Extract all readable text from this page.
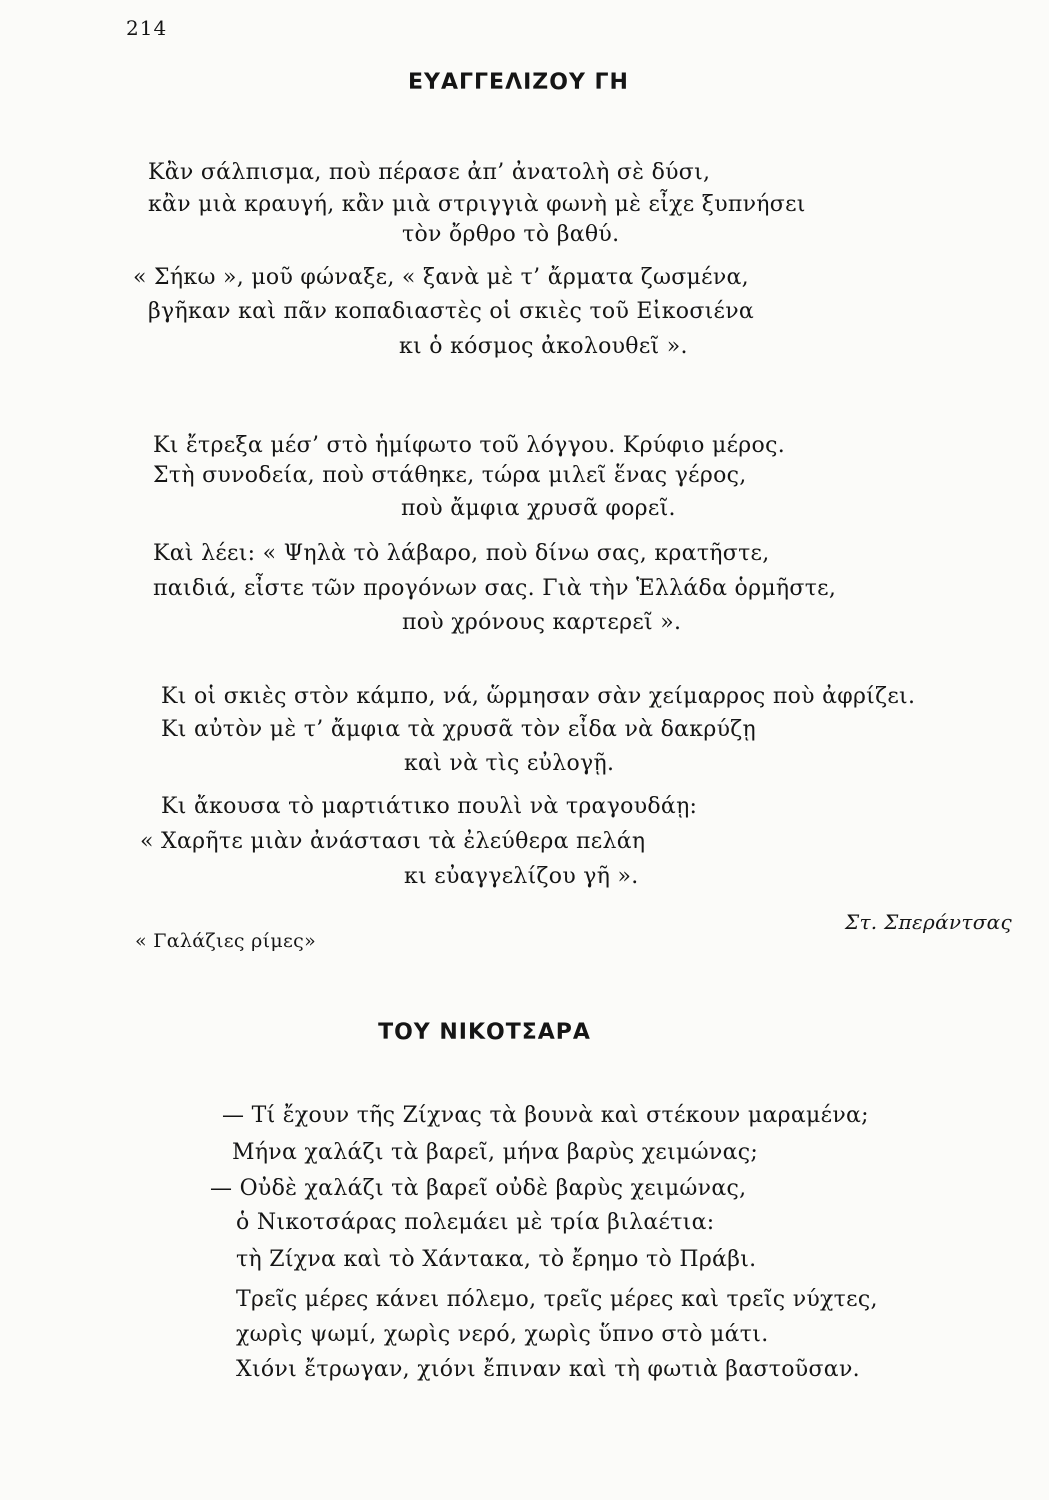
214
ΕΥΑΓΓΕΛΙΖΟΥ ΓΗ
Κἂν σάλπισμα, ποὺ πέρασε ἀπ’ ἀνατολὴ σὲ δύσι,
κἂν μιὰ κραυγή, κἂν μιὰ στριγγιὰ φωνὴ μὲ εἶχε ξυπνήσει
τὸν ὄρθρο τὸ βαθύ.
« Σήκω », μοῦ φώναξε, « ξανὰ μὲ τ’ ἄρματα ζωσμένα,
βγῆκαν καὶ πᾶν κοπαδιαστὲς οἱ σκιὲς τοῦ Εἰκοσιένα
κι ὁ κόσμος ἀκολουθεῖ ».
Κι ἔτρεξα μέσ’ στὸ ἡμίφωτο τοῦ λόγγου. Κρύφιο μέρος.
Στὴ συνοδεία, ποὺ στάθηκε, τώρα μιλεῖ ἕνας γέρος,
ποὺ ἄμφια χρυσᾶ φορεῖ.
Καὶ λέει: « Ψηλὰ τὸ λάβαρο, ποὺ δίνω σας, κρατῆστε,
παιδιά, εἶστε τῶν προγόνων σας. Γιὰ τὴν Ἑλλάδα ὁρμῆστε,
ποὺ χρόνους καρτερεῖ ».
Κι οἱ σκιὲς στὸν κάμπο, νά, ὥρμησαν σὰν χείμαρρος ποὺ ἀφρίζει.
Κι αὐτὸν μὲ τ’ ἄμφια τὰ χρυσᾶ τὸν εἶδα νὰ δακρύζῃ
καὶ νὰ τὶς εὐλογῇ.
Κι ἄκουσα τὸ μαρτιάτικο πουλὶ νὰ τραγουδάῃ:
« Χαρῆτε μιὰν ἀνάστασι τὰ ἐλεύθερα πελάη
κι εὐαγγελίζου γῆ ».
Στ. Σπεράντσας
« Γαλάζιες ρίμες»
ΤΟΥ ΝΙΚΟΤΣΑΡΑ
— Τί ἔχουν τῆς Ζίχνας τὰ βουνὰ καὶ στέκουν μαραμένα;
Μήνα χαλάζι τὰ βαρεῖ, μήνα βαρὺς χειμώνας;
— Οὐδὲ χαλάζι τὰ βαρεῖ οὐδὲ βαρὺς χειμώνας,
ὁ Νικοτσάρας πολεμάει μὲ τρία βιλαέτια:
τὴ Ζίχνα καὶ τὸ Χάντακα, τὸ ἔρημο τὸ Πράβι.
Τρεῖς μέρες κάνει πόλεμο, τρεῖς μέρες καὶ τρεῖς νύχτες,
χωρὶς ψωμί, χωρὶς νερό, χωρὶς ὕπνο στὸ μάτι.
Χιόνι ἔτρωγαν, χιόνι ἔπιναν καὶ τὴ φωτιὰ βαστοῦσαν.
